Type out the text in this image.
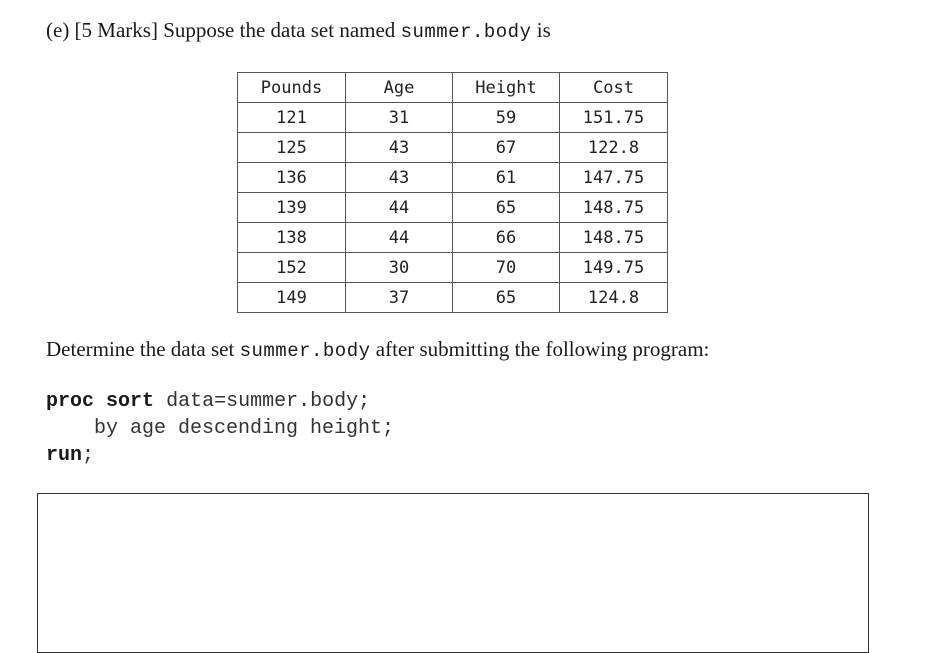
(e) [5 Marks] Suppose the data set named summer.body is
Pounds	Age	Height	Cost
121	31	59	151.75
125	43	67	122.8
136	43	61	147.75
139	44	65	148.75
138	44	66	148.75
152	30	70	149.75
149	37	65	124.8
Determine the data set summer.body after submitting the following program:
proc sort data=summer.body;
by age descending height;
run;
